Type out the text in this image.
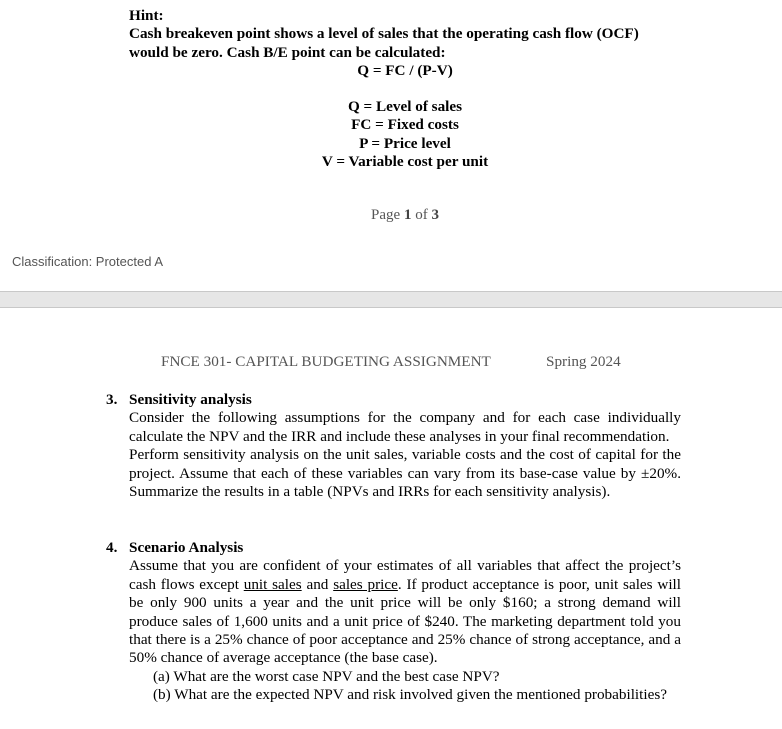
Hint:
Cash breakeven point shows a level of sales that the operating cash flow (OCF)
would be zero. Cash B/E point can be calculated:
Q = FC / (P-V)
Q = Level of sales
FC = Fixed costs
P = Price level
V = Variable cost per unit
Page 1 of 3
Classification: Protected A
FNCE 301- CAPITAL BUDGETING ASSIGNMENT	Spring 2024
3. Sensitivity analysis
Consider the following assumptions for the company and for each case individually calculate the NPV and the IRR and include these analyses in your final recommendation.
Perform sensitivity analysis on the unit sales, variable costs and the cost of capital for the project. Assume that each of these variables can vary from its base-case value by ±20%. Summarize the results in a table (NPVs and IRRs for each sensitivity analysis).
4. Scenario Analysis
Assume that you are confident of your estimates of all variables that affect the project’s cash flows except unit sales and sales price. If product acceptance is poor, unit sales will be only 900 units a year and the unit price will be only $160; a strong demand will produce sales of 1,600 units and a unit price of $240. The marketing department told you that there is a 25% chance of poor acceptance and 25% chance of strong acceptance, and a 50% chance of average acceptance (the base case).
(a) What are the worst case NPV and the best case NPV?
(b) What are the expected NPV and risk involved given the mentioned probabilities?
